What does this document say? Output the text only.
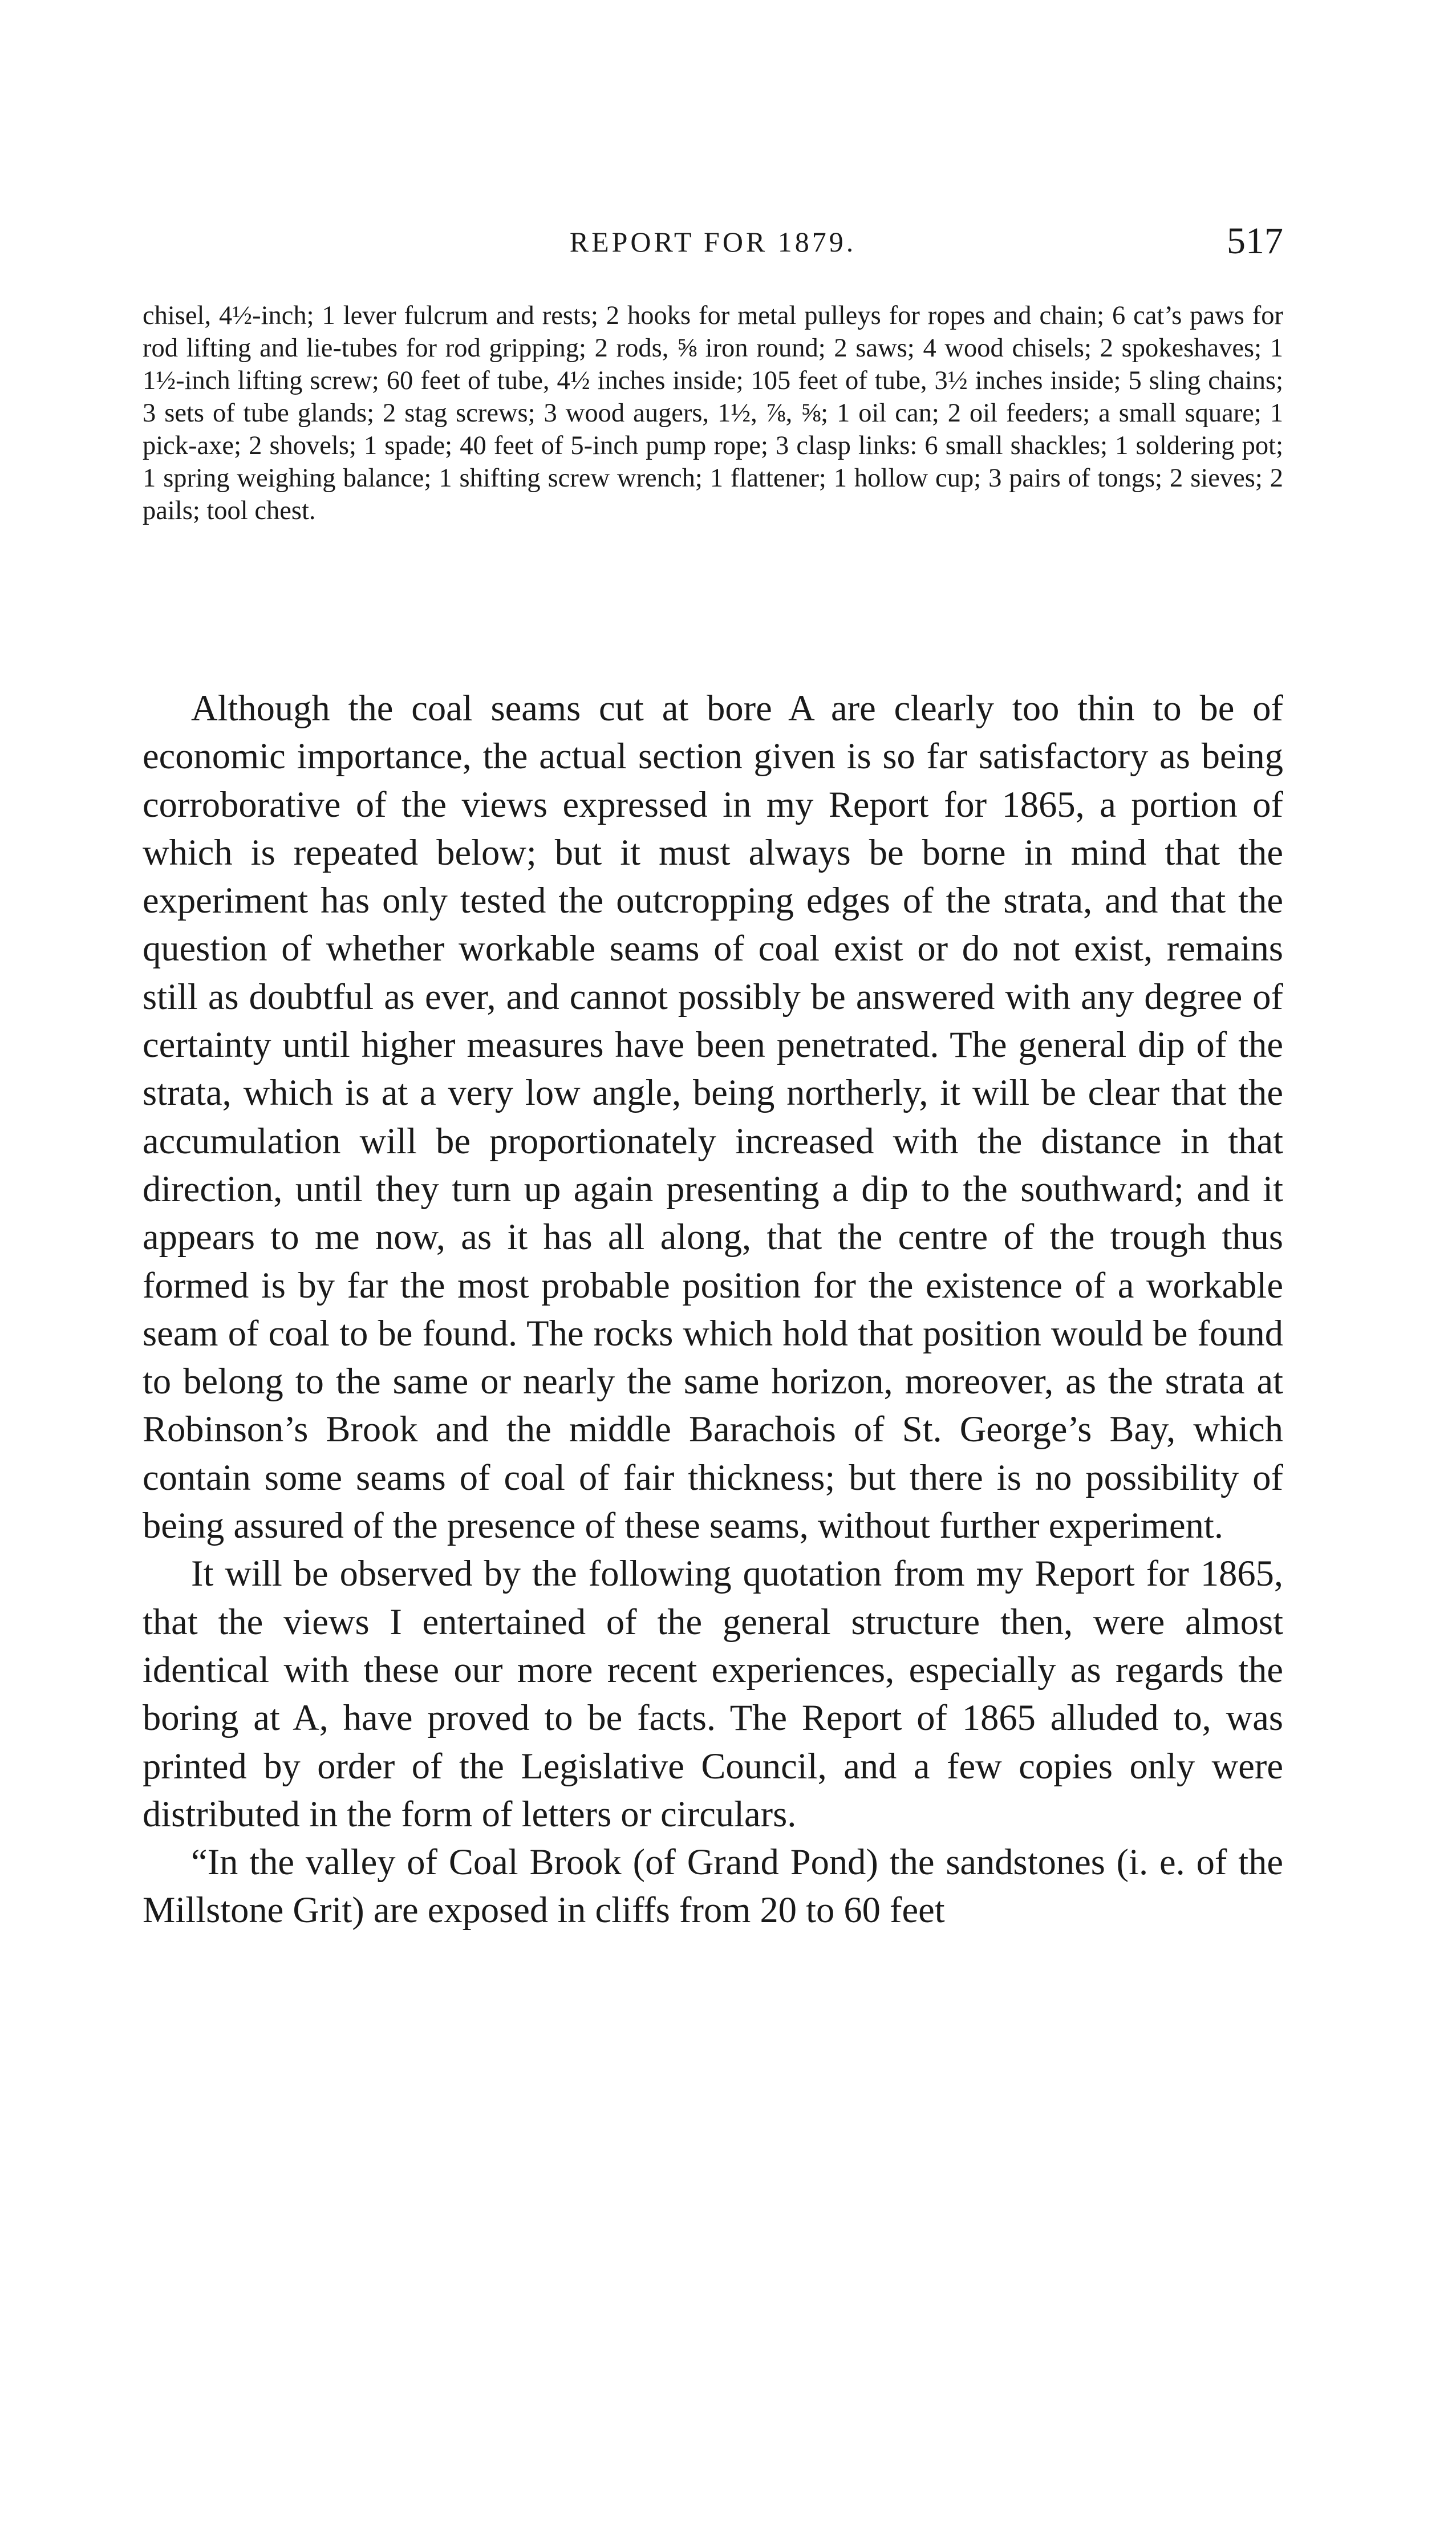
REPORT FOR 1879.	517

chisel, 4½-inch; 1 lever fulcrum and rests; 2 hooks for metal pulleys for ropes and chain; 6 cat’s paws for rod lifting and lie-tubes for rod gripping; 2 rods, ⅝ iron round; 2 saws; 4 wood chisels; 2 spokeshaves; 1 1½-inch lifting screw; 60 feet of tube, 4½ inches inside; 105 feet of tube, 3½ inches inside; 5 sling chains; 3 sets of tube glands; 2 stag screws; 3 wood augers, 1½, ⅞, ⅝; 1 oil can; 2 oil feeders; a small square; 1 pick-axe; 2 shovels; 1 spade; 40 feet of 5-inch pump rope; 3 clasp links: 6 small shackles; 1 soldering pot; 1 spring weighing balance; 1 shifting screw wrench; 1 flattener; 1 hollow cup; 3 pairs of tongs; 2 sieves; 2 pails; tool chest.

Although the coal seams cut at bore A are clearly too thin to be of economic importance, the actual section given is so far satisfactory as being corroborative of the views expressed in my Report for 1865, a portion of which is repeated below; but it must always be borne in mind that the experiment has only tested the outcropping edges of the strata, and that the question of whether workable seams of coal exist or do not exist, remains still as doubtful as ever, and cannot possibly be answered with any degree of certainty until higher measures have been penetrated. The general dip of the strata, which is at a very low angle, being northerly, it will be clear that the accumulation will be proportionately increased with the distance in that direction, until they turn up again presenting a dip to the southward; and it appears to me now, as it has all along, that the centre of the trough thus formed is by far the most probable position for the existence of a workable seam of coal to be found. The rocks which hold that position would be found to belong to the same or nearly the same horizon, moreover, as the strata at Robinson’s Brook and the middle Barachois of St. George’s Bay, which contain some seams of coal of fair thickness; but there is no possibility of being assured of the presence of these seams, without further experiment.

It will be observed by the following quotation from my Report for 1865, that the views I entertained of the general structure then, were almost identical with these our more recent experiences, especially as regards the boring at A, have proved to be facts. The Report of 1865 alluded to, was printed by order of the Legislative Council, and a few copies only were distributed in the form of letters or circulars.

“In the valley of Coal Brook (of Grand Pond) the sandstones (i. e. of the Millstone Grit) are exposed in cliffs from 20 to 60 feet
